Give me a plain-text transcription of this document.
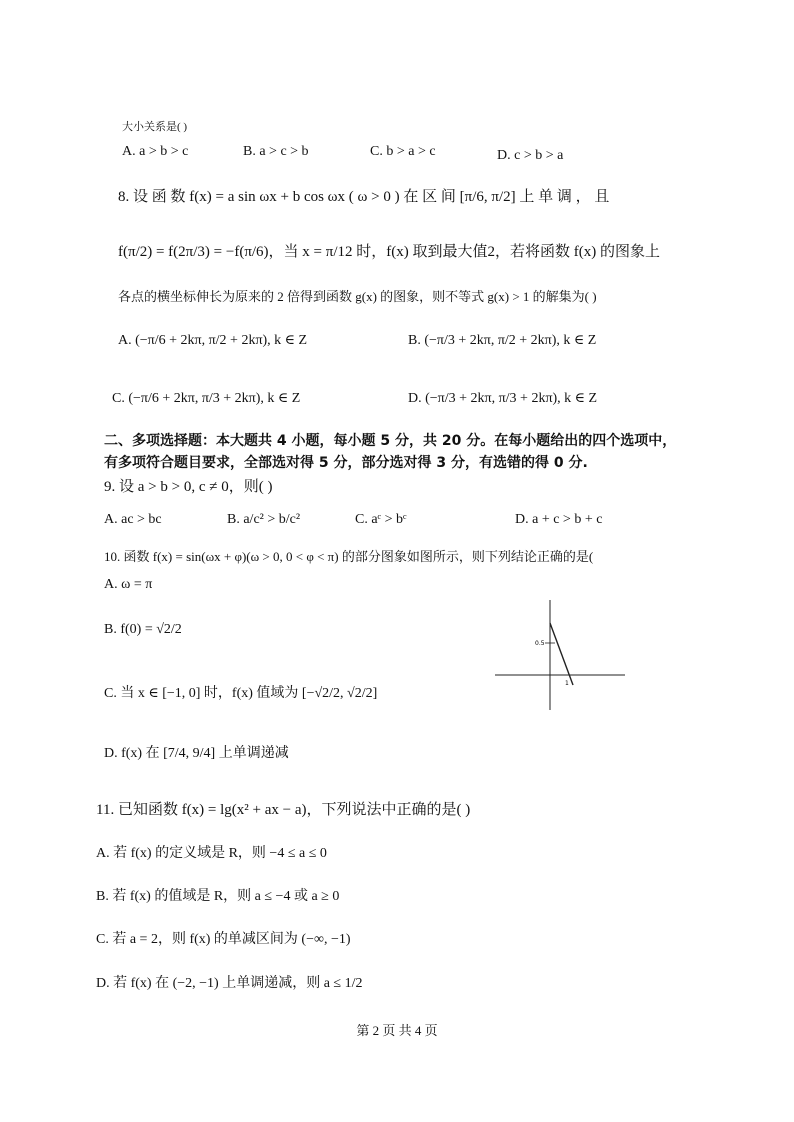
大小关系是( )
A. a > b > c	B. a > c > b	C. b > a > c	D. c > b > a
8. 设 函 数 f(x) = a sin ωx + b cos ωx ( ω > 0 ) 在 区 间 [π/6, π/2] 上 单 调 ， 且
f(π/2) = f(2π/3) = −f(π/6)，当 x = π/12 时，f(x) 取到最大值2，若将函数 f(x) 的图象上
各点的横坐标伸长为原来的 2 倍得到函数 g(x) 的图象，则不等式 g(x) > 1 的解集为( )
A. (−π/6 + 2kπ, π/2 + 2kπ), k ∈ Z	B. (−π/3 + 2kπ, π/2 + 2kπ), k ∈ Z
C. (−π/6 + 2kπ, π/3 + 2kπ), k ∈ Z	D. (−π/3 + 2kπ, π/3 + 2kπ), k ∈ Z
二、多项选择题：本大题共 4 小题，每小题 5 分，共 20 分。在每小题给出的四个选项中，
有多项符合题目要求，全部选对得 5 分，部分选对得 3 分，有选错的得 0 分.
9. 设 a > b > 0, c ≠ 0，则( )
A. ac > bc	B. a/c² > b/c²	C. aᶜ > bᶜ	D. a + c > b + c
10. 函数 f(x) = sin(ωx + φ)(ω > 0, 0 < φ < π) 的部分图象如图所示，则下列结论正确的是(
A. ω = π
B. f(0) = √2/2
C. 当 x ∈ [−1, 0] 时，f(x) 值域为 [−√2/2, √2/2]
D. f(x) 在 [7/4, 9/4] 上单调递减
0.5
1
11. 已知函数 f(x) = lg(x² + ax − a)，下列说法中正确的是( )
A. 若 f(x) 的定义域是 R，则 −4 ≤ a ≤ 0
B. 若 f(x) 的值域是 R，则 a ≤ −4 或 a ≥ 0
C. 若 a = 2，则 f(x) 的单减区间为 (−∞, −1)
D. 若 f(x) 在 (−2, −1) 上单调递减，则 a ≤ 1/2
第 2 页 共 4 页
